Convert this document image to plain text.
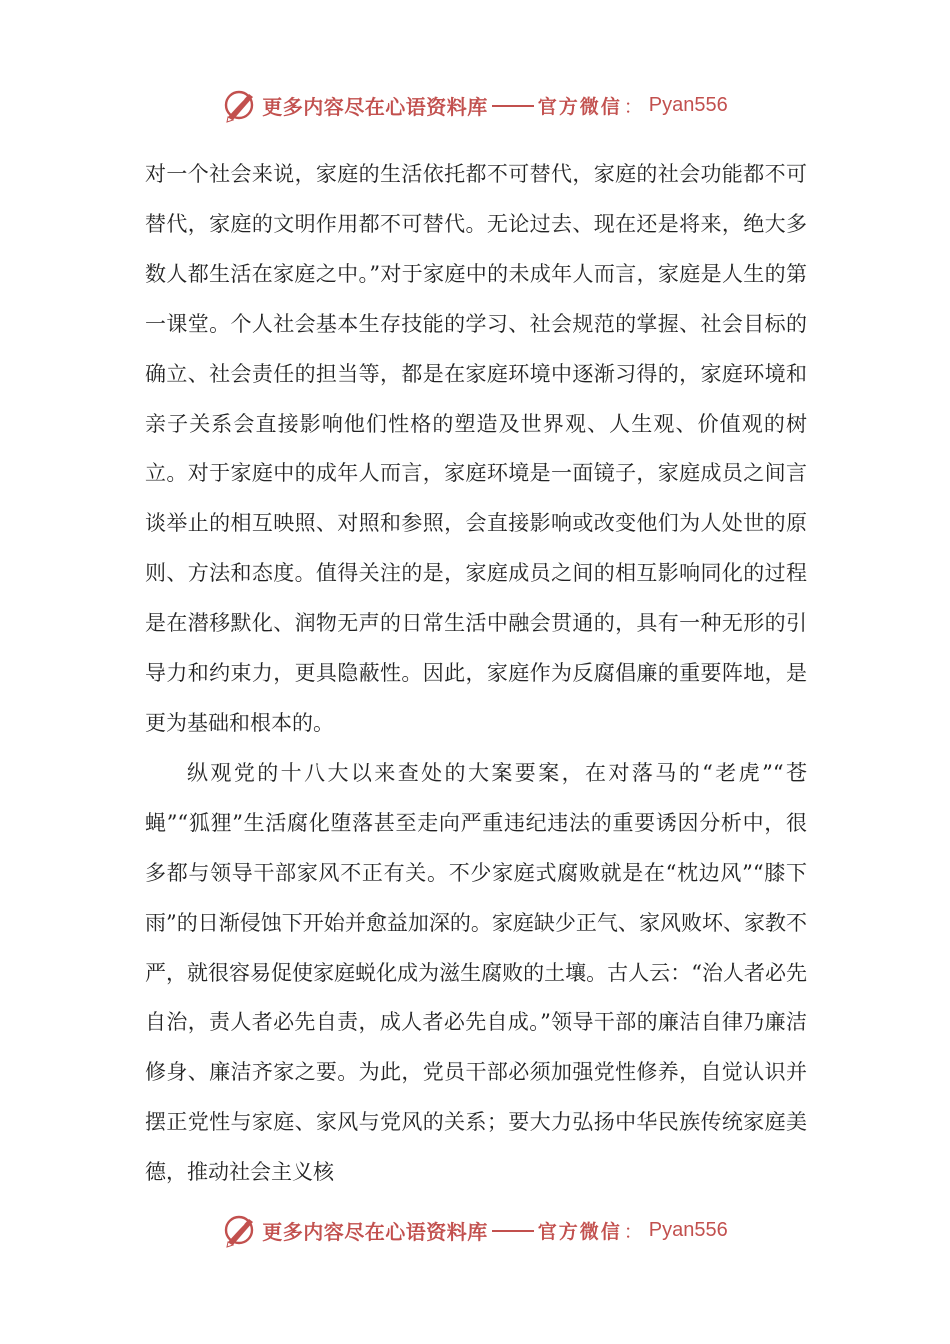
更多内容尽在心语资料库	官方微信 ： Pyan556

对一个社会来说，家庭的生活依托都不可替代，家庭的社会功能都不可替代，家庭的文明作用都不可替代。无论过去、现在还是将来，绝大多数人都生活在家庭之中。”对于家庭中的未成年人而言，家庭是人生的第一课堂。个人社会基本生存技能的学习、社会规范的掌握、社会目标的确立、社会责任的担当等，都是在家庭环境中逐渐习得的，家庭环境和亲子关系会直接影响他们性格的塑造及世界观、人生观、价值观的树立。对于家庭中的成年人而言，家庭环境是一面镜子，家庭成员之间言谈举止的相互映照、对照和参照，会直接影响或改变他们为人处世的原则、方法和态度。值得关注的是，家庭成员之间的相互影响同化的过程是在潜移默化、润物无声的日常生活中融会贯通的，具有一种无形的引导力和约束力，更具隐蔽性。因此，家庭作为反腐倡廉的重要阵地，是更为基础和根本的。

纵观党的十八大以来查处的大案要案，在对落马的“老虎”“苍蝇”“狐狸”生活腐化堕落甚至走向严重违纪违法的重要诱因分析中，很多都与领导干部家风不正有关。不少家庭式腐败就是在“枕边风”“膝下雨”的日渐侵蚀下开始并愈益加深的。家庭缺少正气、家风败坏、家教不严，就很容易促使家庭蜕化成为滋生腐败的土壤。古人云：“治人者必先自治，责人者必先自责，成人者必先自成。”领导干部的廉洁自律乃廉洁修身、廉洁齐家之要。为此，党员干部必须加强党性修养，自觉认识并摆正党性与家庭、家风与党风的关系；要大力弘扬中华民族传统家庭美德，推动社会主义核

更多内容尽在心语资料库	官方微信 ： Pyan556
